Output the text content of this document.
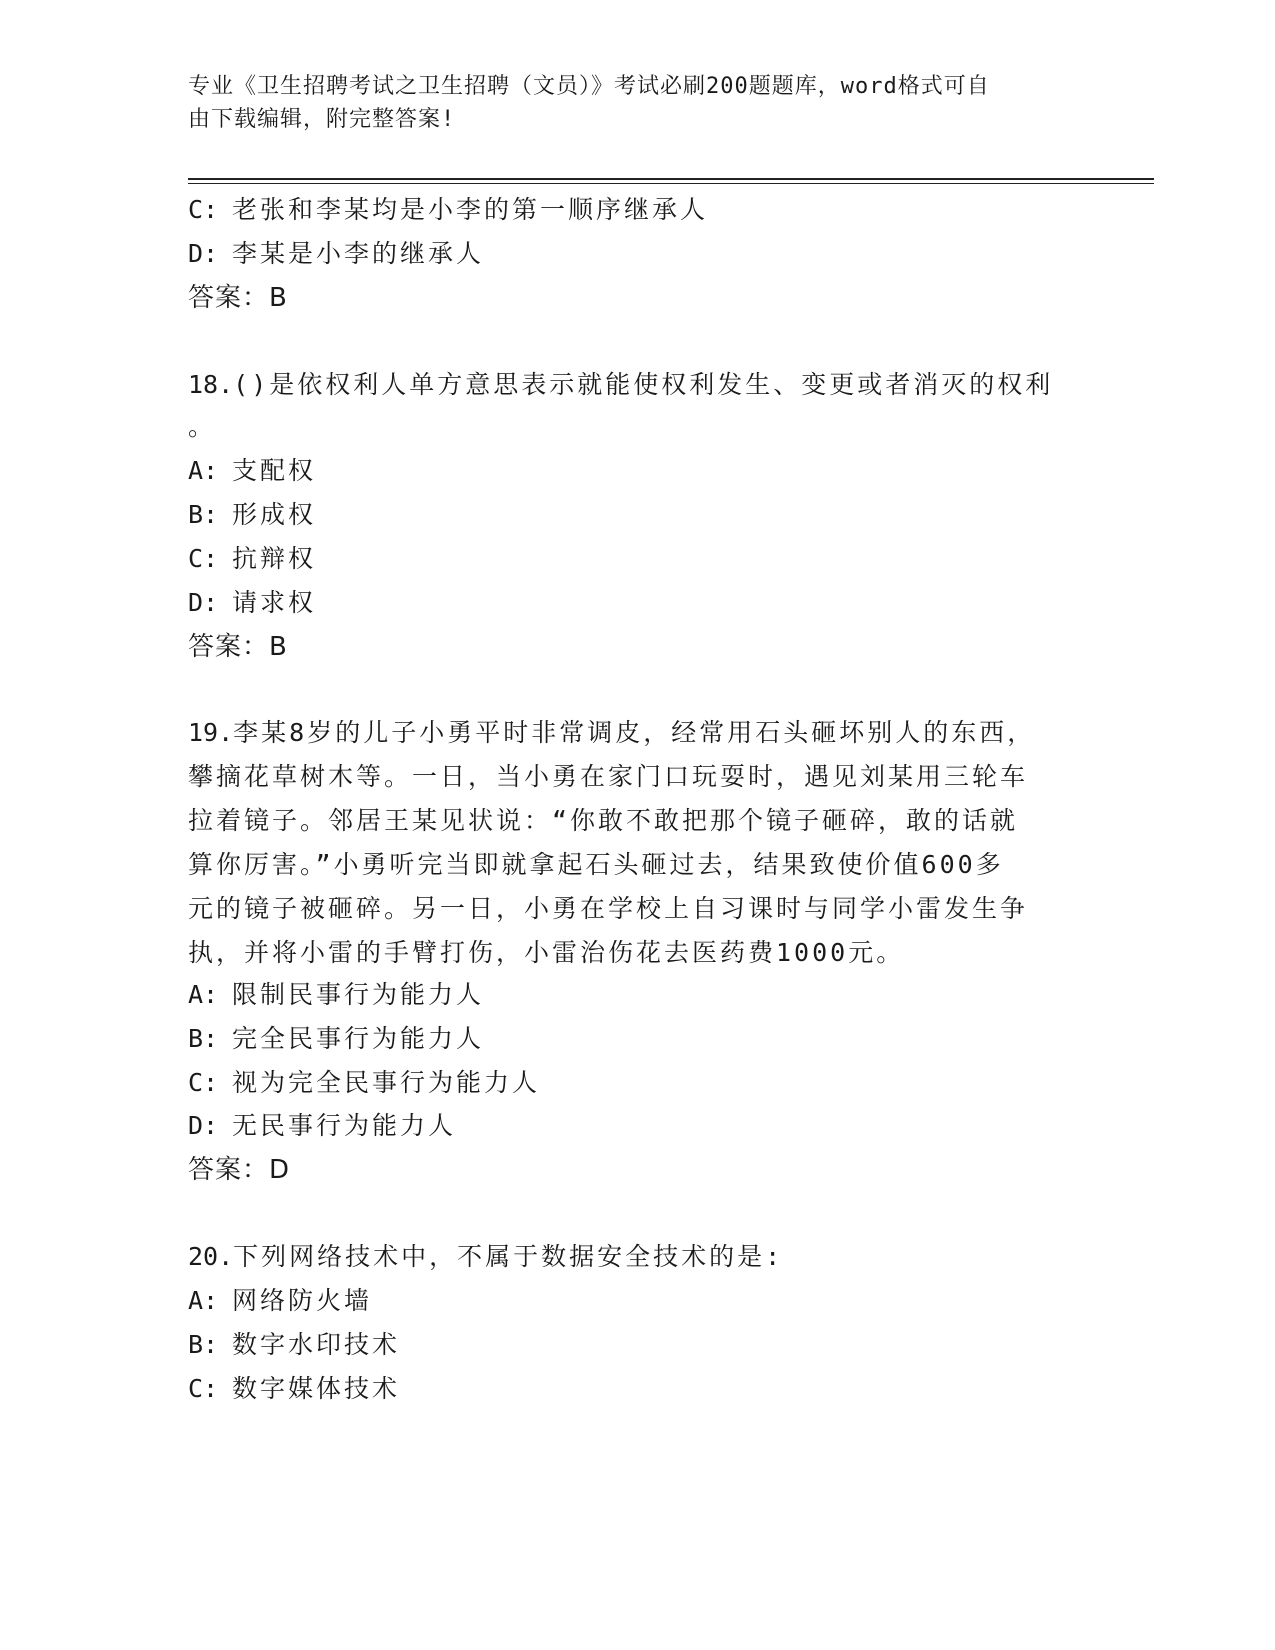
专业《卫生招聘考试之卫生招聘（文员）》考试必刷200题题库，word格式可自
由下载编辑，附完整答案!
C: 老张和李某均是小李的第一顺序继承人
D: 李某是小李的继承人
答案：B
18.()是依权利人单方意思表示就能使权利发生、变更或者消灭的权利
。
A: 支配权
B: 形成权
C: 抗辩权
D: 请求权
答案：B
19.李某8岁的儿子小勇平时非常调皮，经常用石头砸坏别人的东西，
攀摘花草树木等。一日，当小勇在家门口玩耍时，遇见刘某用三轮车
拉着镜子。邻居王某见状说：“你敢不敢把那个镜子砸碎，敢的话就
算你厉害。”小勇听完当即就拿起石头砸过去，结果致使价值600多
元的镜子被砸碎。另一日，小勇在学校上自习课时与同学小雷发生争
执，并将小雷的手臂打伤，小雷治伤花去医药费1000元。
A: 限制民事行为能力人
B: 完全民事行为能力人
C: 视为完全民事行为能力人
D: 无民事行为能力人
答案：D
20.下列网络技术中，不属于数据安全技术的是:
A: 网络防火墙
B: 数字水印技术
C: 数字媒体技术
